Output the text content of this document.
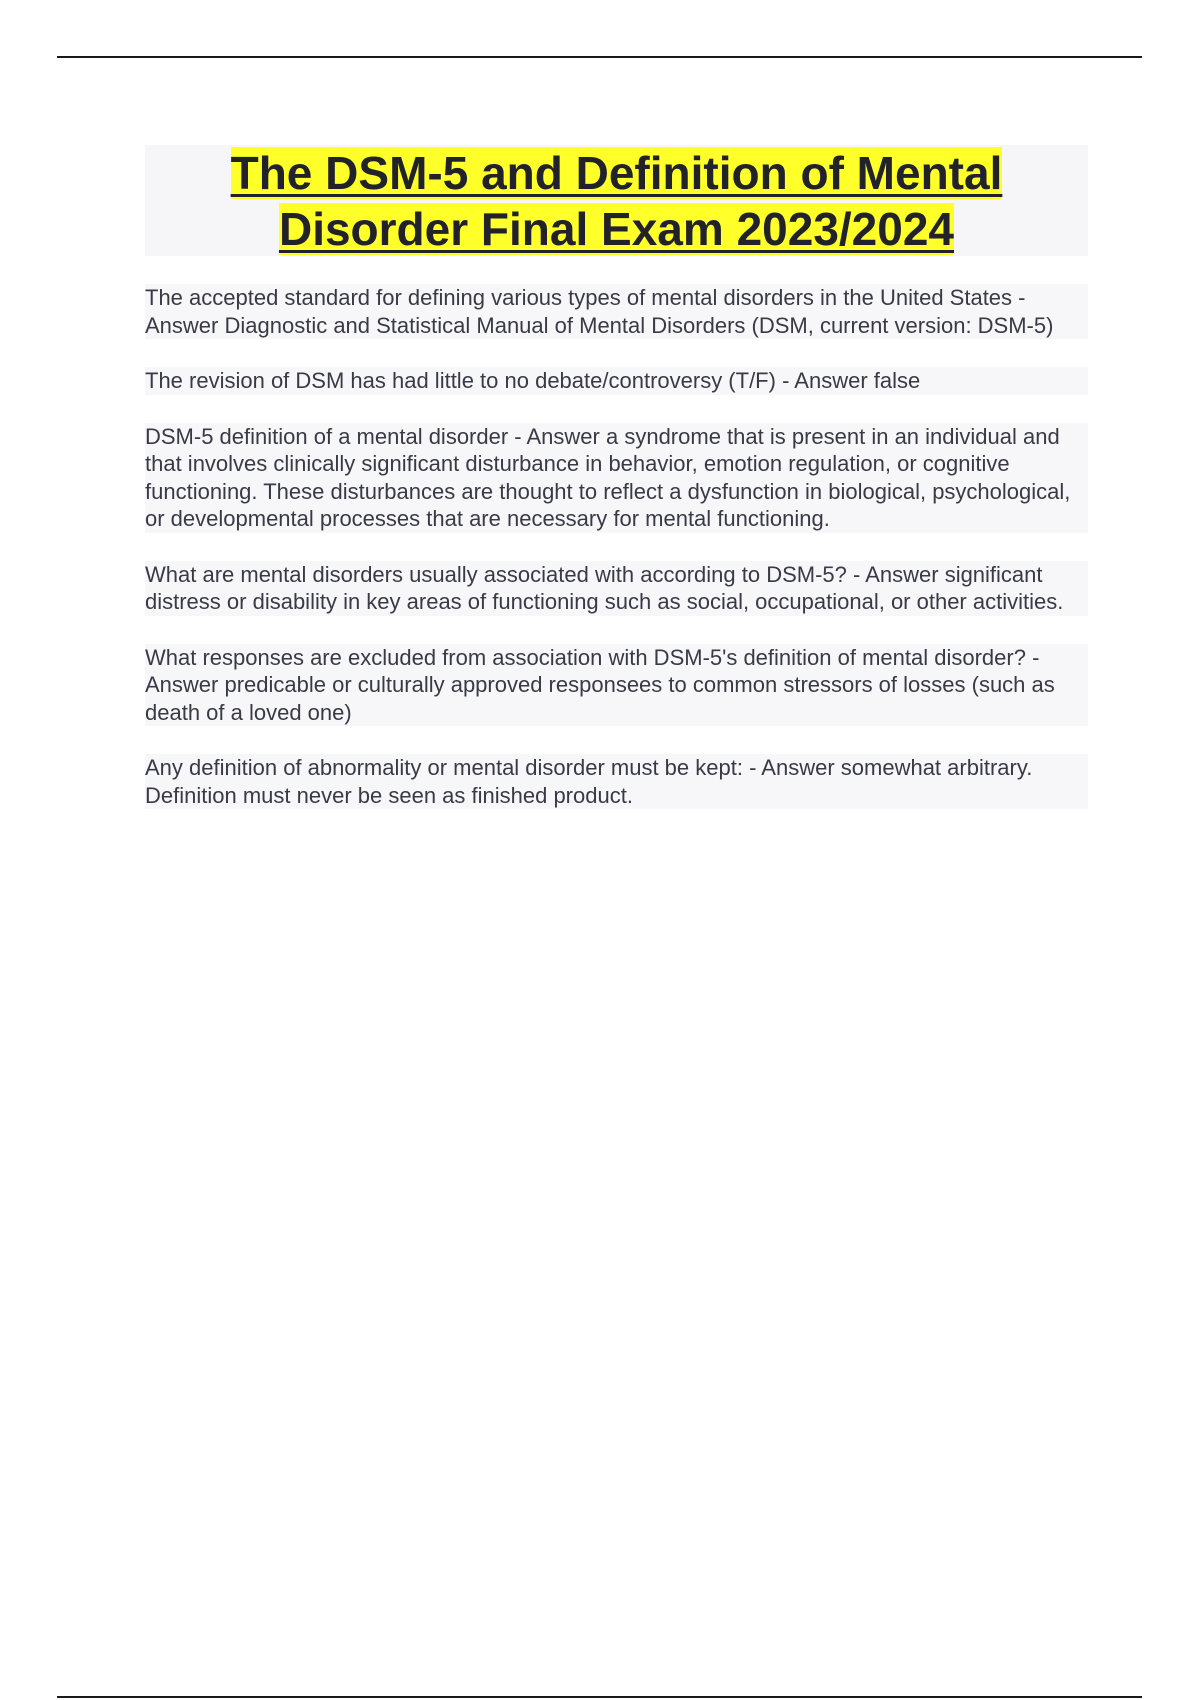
The DSM-5 and Definition of Mental
Disorder Final Exam 2023/2024
The accepted standard for defining various types of mental disorders in the United States - Answer Diagnostic and Statistical Manual of Mental Disorders (DSM, current version: DSM-5)
The revision of DSM has had little to no debate/controversy (T/F) - Answer false
DSM-5 definition of a mental disorder - Answer a syndrome that is present in an individual and that involves clinically significant disturbance in behavior, emotion regulation, or cognitive functioning. These disturbances are thought to reflect a dysfunction in biological, psychological, or developmental processes that are necessary for mental functioning.
What are mental disorders usually associated with according to DSM-5? - Answer significant distress or disability in key areas of functioning such as social, occupational, or other activities.
What responses are excluded from association with DSM-5's definition of mental disorder? - Answer predicable or culturally approved responsees to common stressors of losses (such as death of a loved one)
Any definition of abnormality or mental disorder must be kept: - Answer somewhat arbitrary. Definition must never be seen as finished product.
